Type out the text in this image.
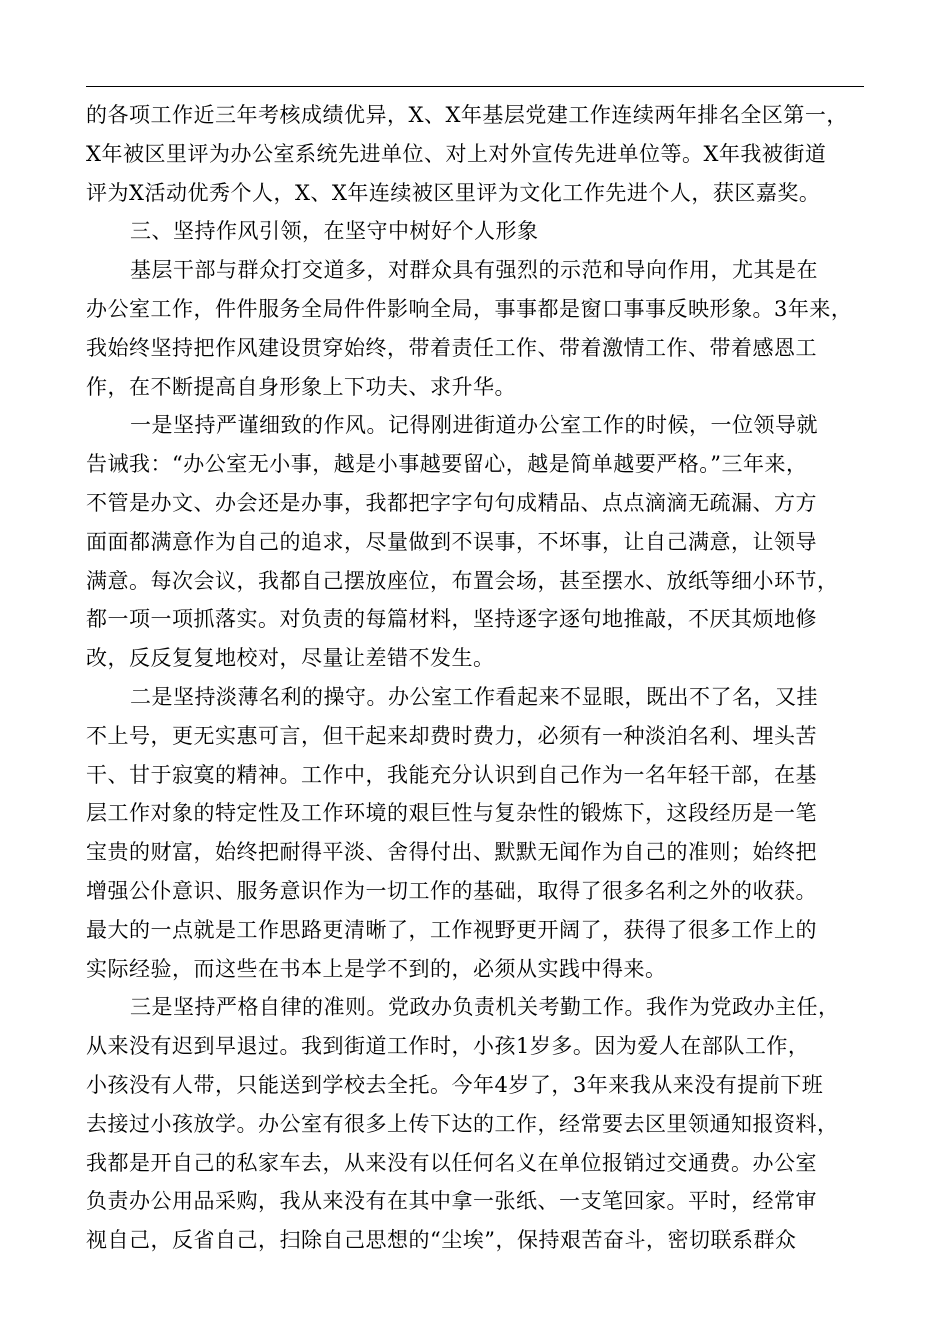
的各项工作近三年考核成绩优异，X、X年基层党建工作连续两年排名全区第一，
X年被区里评为办公室系统先进单位、对上对外宣传先进单位等。X年我被街道
评为X活动优秀个人，X、X年连续被区里评为文化工作先进个人，获区嘉奖。
三、坚持作风引领，在坚守中树好个人形象
基层干部与群众打交道多，对群众具有强烈的示范和导向作用，尤其是在
办公室工作，件件服务全局件件影响全局，事事都是窗口事事反映形象。3年来，
我始终坚持把作风建设贯穿始终，带着责任工作、带着激情工作、带着感恩工
作，在不断提高自身形象上下功夫、求升华。
一是坚持严谨细致的作风。记得刚进街道办公室工作的时候，一位领导就
告诫我：“办公室无小事，越是小事越要留心，越是简单越要严格。”三年来，
不管是办文、办会还是办事，我都把字字句句成精品、点点滴滴无疏漏、方方
面面都满意作为自己的追求，尽量做到不误事，不坏事，让自己满意，让领导
满意。每次会议，我都自己摆放座位，布置会场，甚至摆水、放纸等细小环节，
都一项一项抓落实。对负责的每篇材料，坚持逐字逐句地推敲，不厌其烦地修
改，反反复复地校对，尽量让差错不发生。
二是坚持淡薄名利的操守。办公室工作看起来不显眼，既出不了名，又挂
不上号，更无实惠可言，但干起来却费时费力，必须有一种淡泊名利、埋头苦
干、甘于寂寞的精神。工作中，我能充分认识到自己作为一名年轻干部，在基
层工作对象的特定性及工作环境的艰巨性与复杂性的锻炼下，这段经历是一笔
宝贵的财富，始终把耐得平淡、舍得付出、默默无闻作为自己的准则；始终把
增强公仆意识、服务意识作为一切工作的基础，取得了很多名利之外的收获。
最大的一点就是工作思路更清晰了，工作视野更开阔了，获得了很多工作上的
实际经验，而这些在书本上是学不到的，必须从实践中得来。
三是坚持严格自律的准则。党政办负责机关考勤工作。我作为党政办主任，
从来没有迟到早退过。我到街道工作时，小孩1岁多。因为爱人在部队工作，
小孩没有人带，只能送到学校去全托。今年4岁了，3年来我从来没有提前下班
去接过小孩放学。办公室有很多上传下达的工作，经常要去区里领通知报资料，
我都是开自己的私家车去，从来没有以任何名义在单位报销过交通费。办公室
负责办公用品采购，我从来没有在其中拿一张纸、一支笔回家。平时，经常审
视自己，反省自己，扫除自己思想的“尘埃”，保持艰苦奋斗，密切联系群众
